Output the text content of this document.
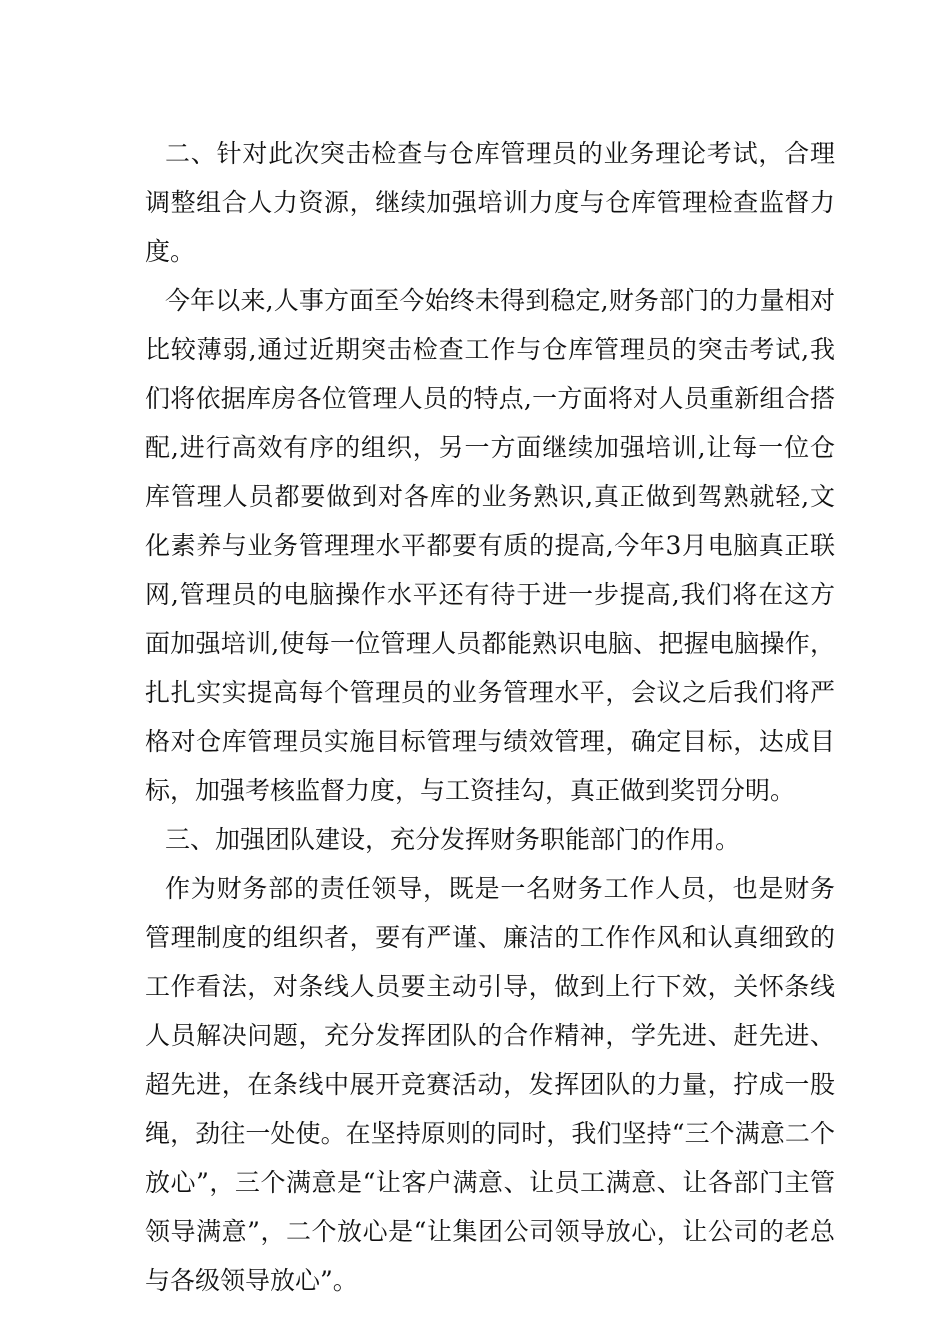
二、针对此次突击检查与仓库管理员的业务理论考试，合理调整组合人力资源，继续加强培训力度与仓库管理检查监督力度。

今年以来,人事方面至今始终未得到稳定,财务部门的力量相对比较薄弱,通过近期突击检查工作与仓库管理员的突击考试,我们将依据库房各位管理人员的特点,一方面将对人员重新组合搭配,进行高效有序的组织，另一方面继续加强培训,让每一位仓库管理人员都要做到对各库的业务熟识,真正做到驾熟就轻,文化素养与业务管理理水平都要有质的提高,今年3月电脑真正联网,管理员的电脑操作水平还有待于进一步提高,我们将在这方面加强培训,使每一位管理人员都能熟识电脑、把握电脑操作，扎扎实实提高每个管理员的业务管理水平，会议之后我们将严格对仓库管理员实施目标管理与绩效管理，确定目标，达成目标，加强考核监督力度，与工资挂勾，真正做到奖罚分明。

三、加强团队建设，充分发挥财务职能部门的作用。

作为财务部的责任领导，既是一名财务工作人员，也是财务管理制度的组织者，要有严谨、廉洁的工作作风和认真细致的工作看法，对条线人员要主动引导，做到上行下效，关怀条线人员解决问题，充分发挥团队的合作精神，学先进、赶先进、超先进，在条线中展开竞赛活动，发挥团队的力量，拧成一股绳，劲往一处使。在坚持原则的同时，我们坚持“三个满意二个放心”，三个满意是“让客户满意、让员工满意、让各部门主管领导满意”，二个放心是“让集团公司领导放心，让公司的老总与各级领导放心”。
